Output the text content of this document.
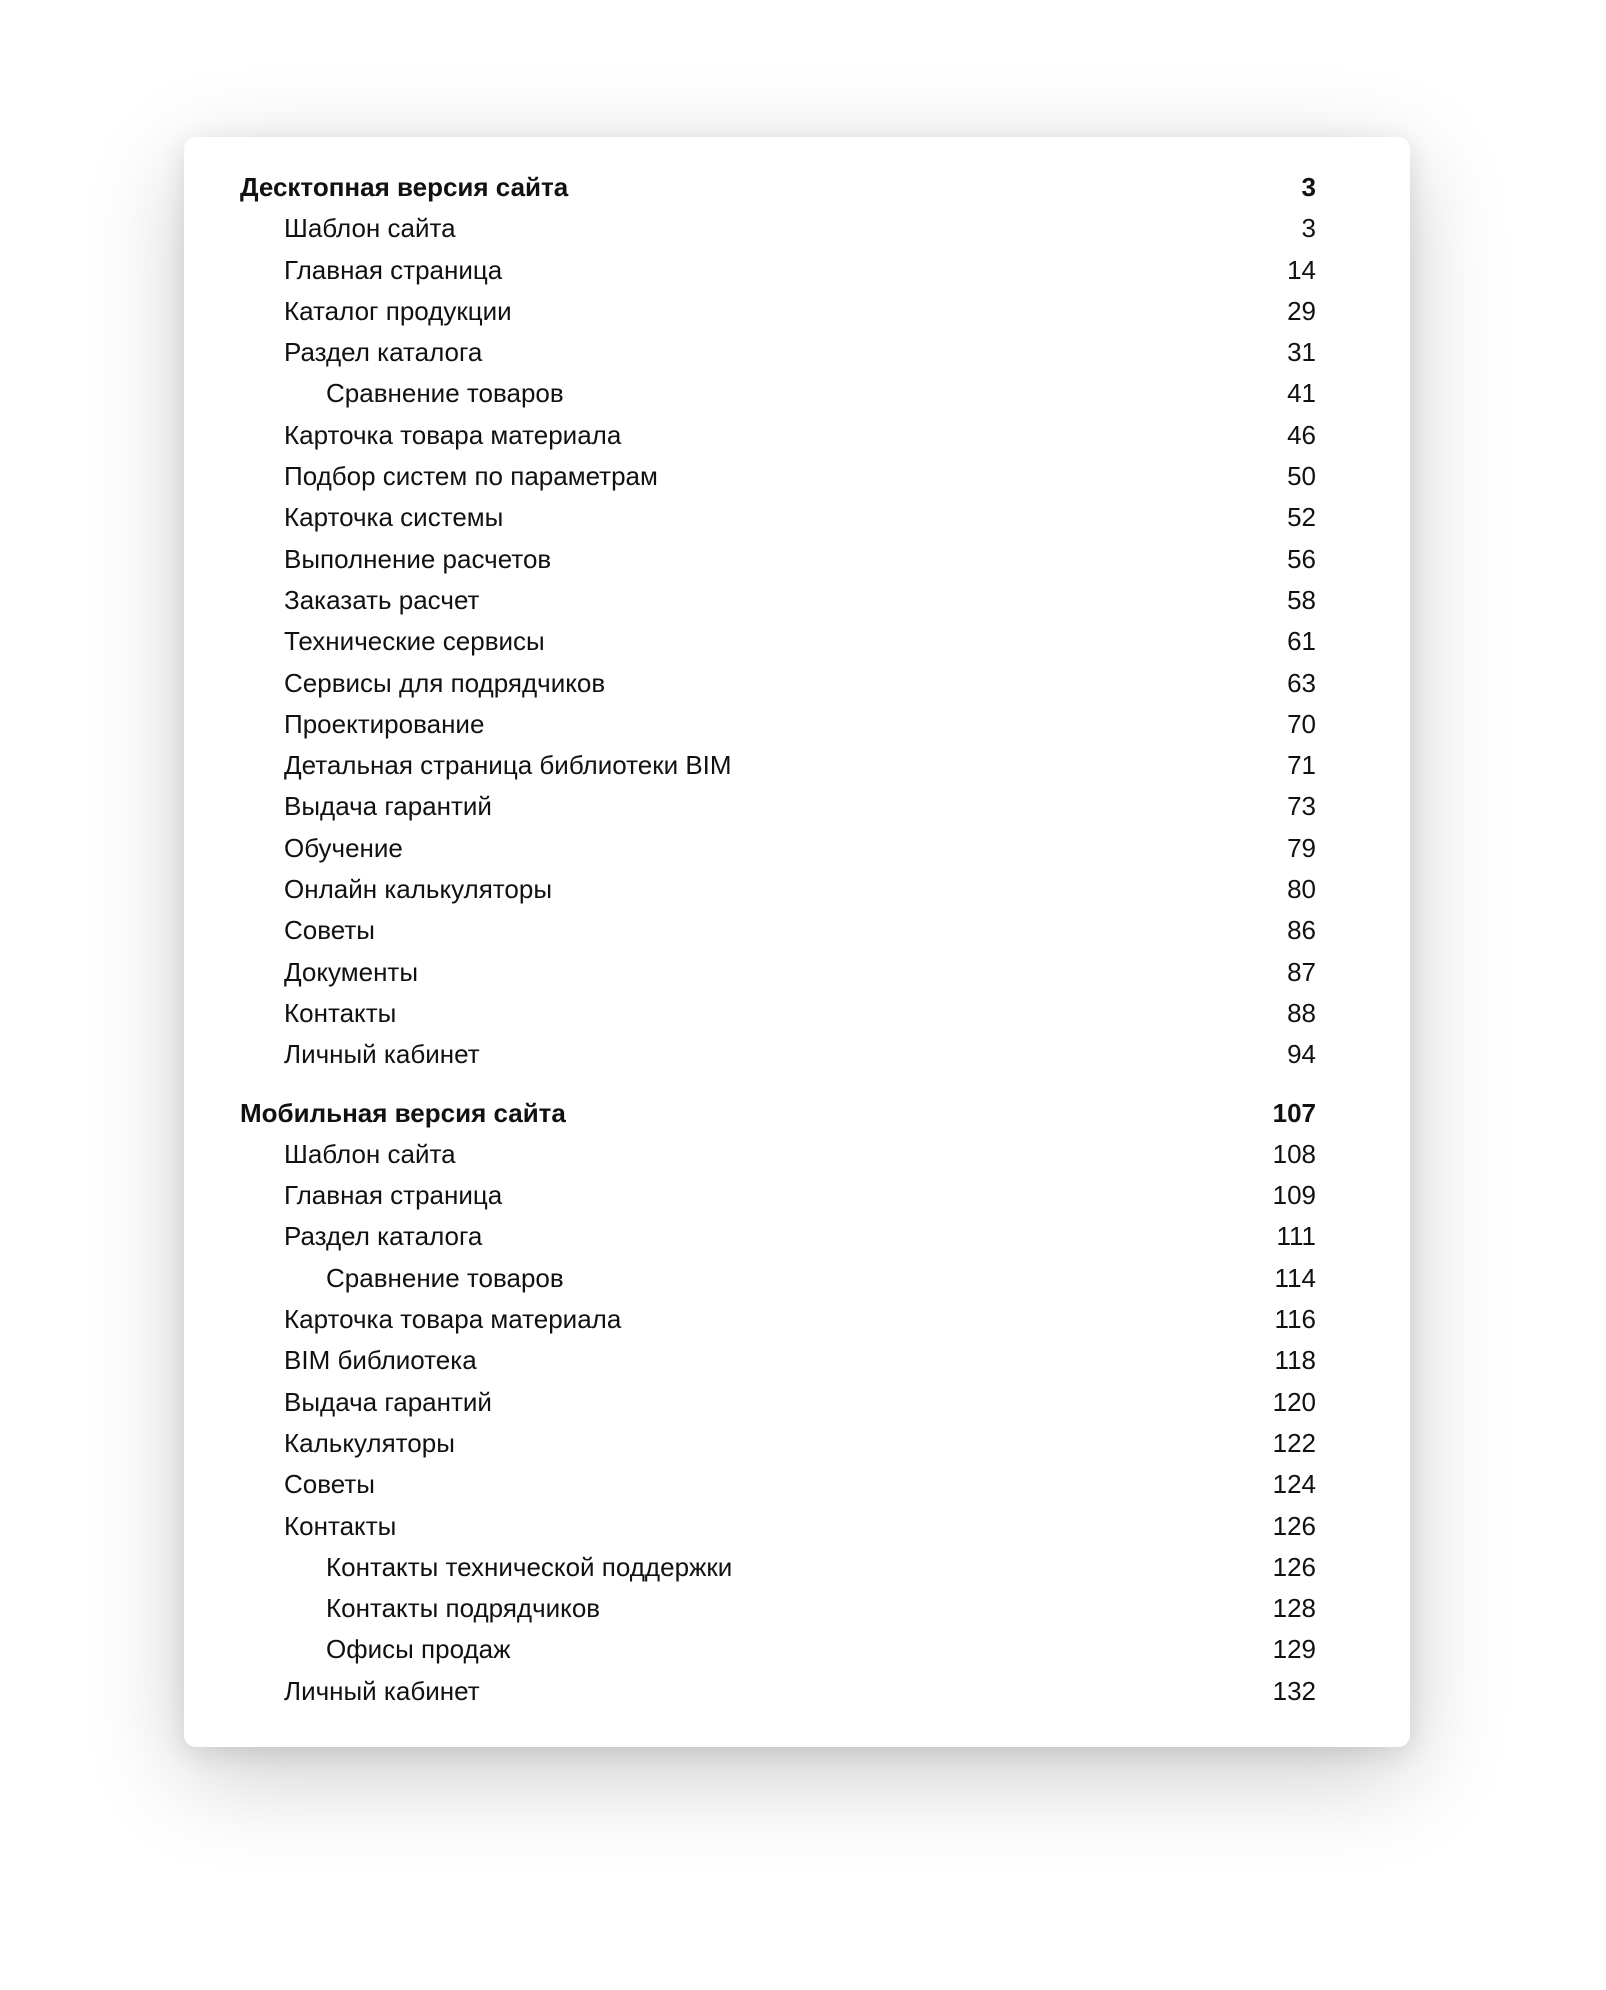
Десктопная версия сайта	3
Шаблон сайта	3
Главная страница	14
Каталог продукции	29
Раздел каталога	31
Сравнение товаров	41
Карточка товара материала	46
Подбор систем по параметрам	50
Карточка системы	52
Выполнение расчетов	56
Заказать расчет	58
Технические сервисы	61
Сервисы для подрядчиков	63
Проектирование	70
Детальная страница библиотеки BIM	71
Выдача гарантий	73
Обучение	79
Онлайн калькуляторы	80
Советы	86
Документы	87
Контакты	88
Личный кабинет	94
Мобильная версия сайта	107
Шаблон сайта	108
Главная страница	109
Раздел каталога	111
Сравнение товаров	114
Карточка товара материала	116
BIM библиотека	118
Выдача гарантий	120
Калькуляторы	122
Советы	124
Контакты	126
Контакты технической поддержки	126
Контакты подрядчиков	128
Офисы продаж	129
Личный кабинет	132
